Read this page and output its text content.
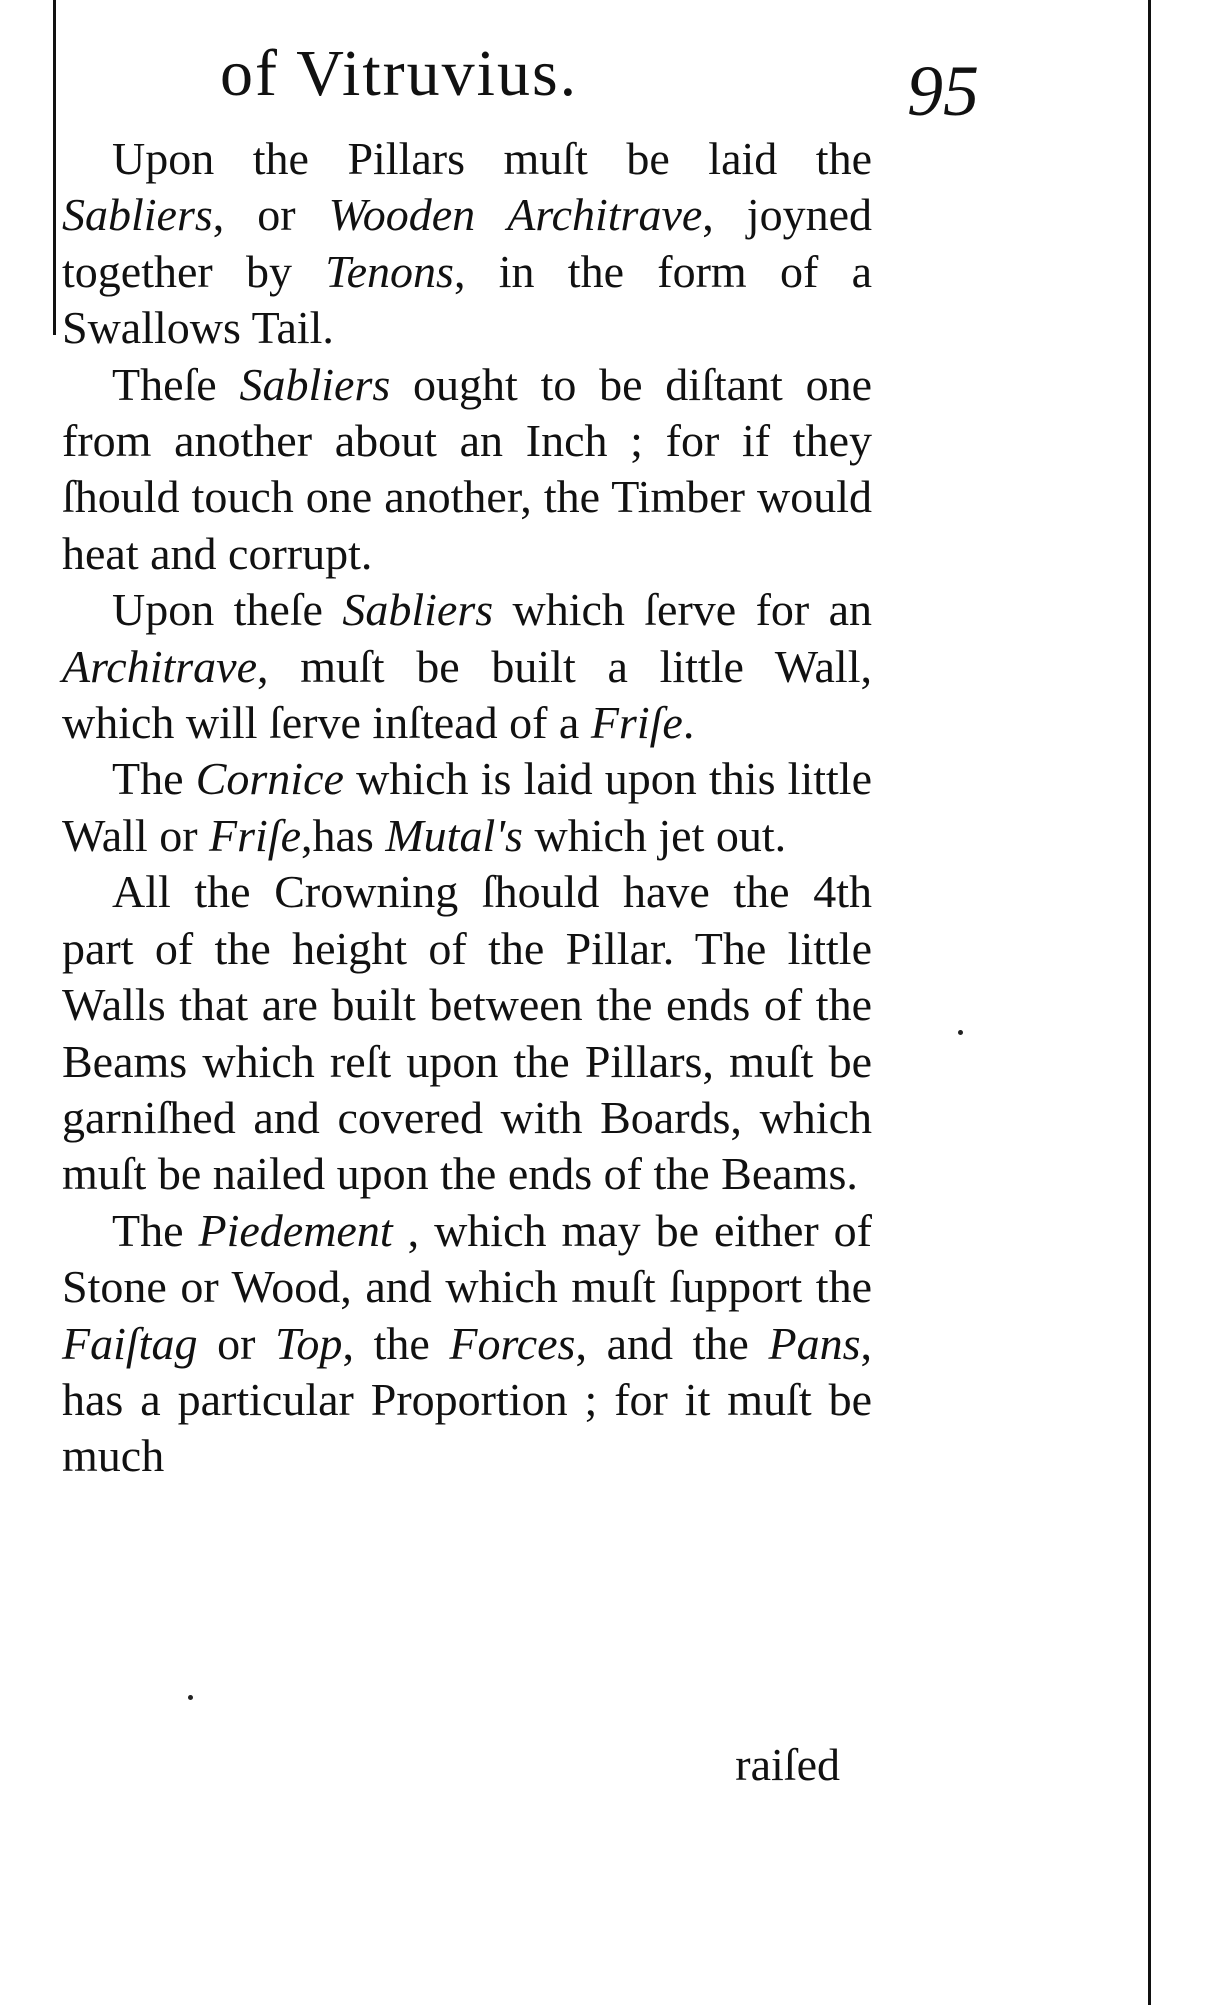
of Vitruvius.	95

Upon the Pillars muſt be laid the Sabliers, or Wooden Architrave, joyned together by Tenons, in the form of a Swallows Tail.

Theſe Sabliers ought to be diſtant one from another about an Inch ; for if they ſhould touch one another, the Timber would heat and corrupt.

Upon theſe Sabliers which ſerve for an Architrave, muſt be built a little Wall, which will ſerve inſtead of a Friſe.

The Cornice which is laid upon this little Wall or Friſe,has Mutal's which jet out.

All the Crowning ſhould have the 4th part of the height of the Pillar. The little Walls that are built between the ends of the Beams which reſt upon the Pillars, muſt be garniſhed and covered with Boards, which muſt be nailed upon the ends of the Beams.

The Piedement , which may be either of Stone or Wood, and which muſt ſupport the Faiſtag or Top, the Forces, and the Pans, has a particular Proportion ; for it muſt be much

raiſed
